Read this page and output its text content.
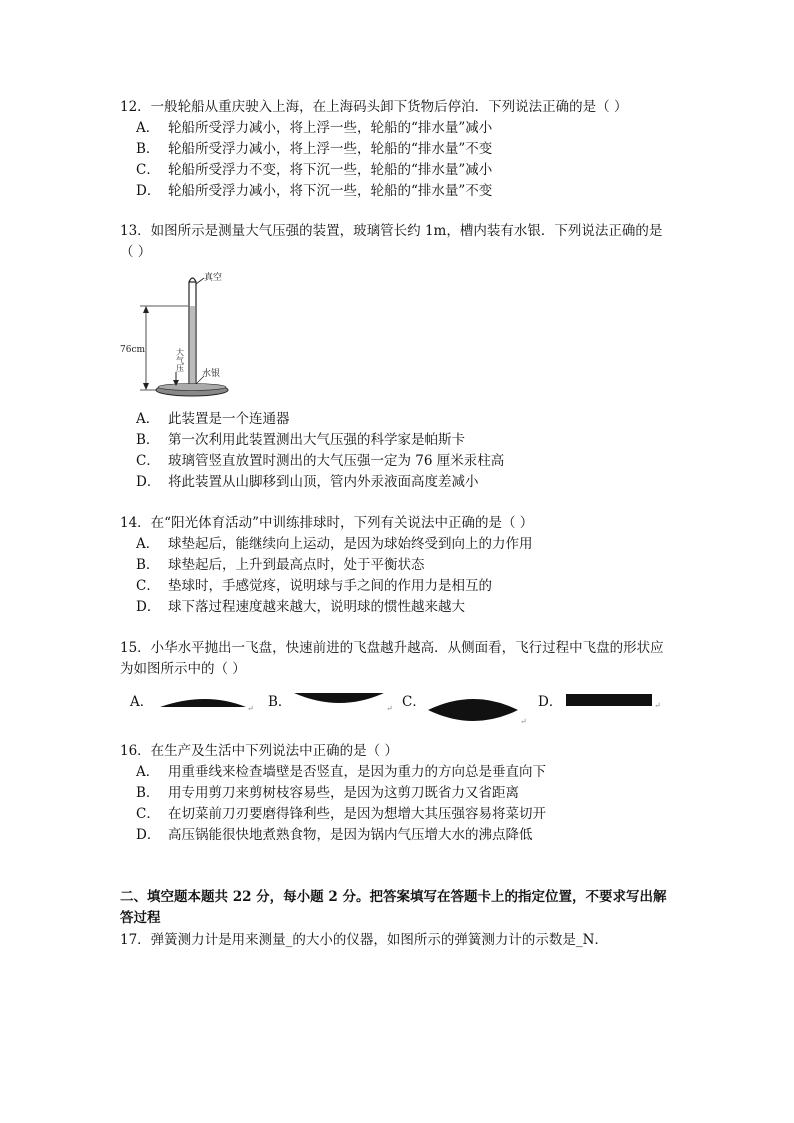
12．一般轮船从重庆驶入上海，在上海码头卸下货物后停泊．下列说法正确的是（ ）
A． 轮船所受浮力减小，将上浮一些，轮船的“排水量”减小
B． 轮船所受浮力减小，将上浮一些，轮船的“排水量”不变
C． 轮船所受浮力不变，将下沉一些，轮船的“排水量”减小
D． 轮船所受浮力减小，将下沉一些，轮船的“排水量”不变
13．如图所示是测量大气压强的装置，玻璃管长约 1m，槽内装有水银．下列说法正确的是
（ ）
真空
76cm	大气压
水银
A． 此装置是一个连通器
B． 第一次利用此装置测出大气压强的科学家是帕斯卡
C． 玻璃管竖直放置时测出的大气压强一定为 76 厘米汞柱高
D． 将此装置从山脚移到山顶，管内外汞液面高度差减小
14．在“阳光体育活动”中训练排球时，下列有关说法中正确的是（ ）
A． 球垫起后，能继续向上运动，是因为球始终受到向上的力作用
B． 球垫起后，上升到最高点时，处于平衡状态
C． 垫球时，手感觉疼，说明球与手之间的作用力是相互的
D． 球下落过程速度越来越大，说明球的惯性越来越大
15．小华水平抛出一飞盘，快速前进的飞盘越升越高．从侧面看，飞行过程中飞盘的形状应
为如图所示中的（ ）
A．	↵ B．	↵ C．
↵
D．	↵
16．在生产及生活中下列说法中正确的是（ ）
A． 用重垂线来检查墙壁是否竖直，是因为重力的方向总是垂直向下
B． 用专用剪刀来剪树枝容易些，是因为这剪刀既省力又省距离
C． 在切菜前刀刃要磨得锋利些，是因为想增大其压强容易将菜切开
D． 高压锅能很快地煮熟食物，是因为锅内气压增大水的沸点降低
二、填空题本题共 22 分，每小题 2 分。把答案填写在答题卡上的指定位置，不要求写出解
答过程
17．弹簧测力计是用来测量_的大小的仪器，如图所示的弹簧测力计的示数是_N．
